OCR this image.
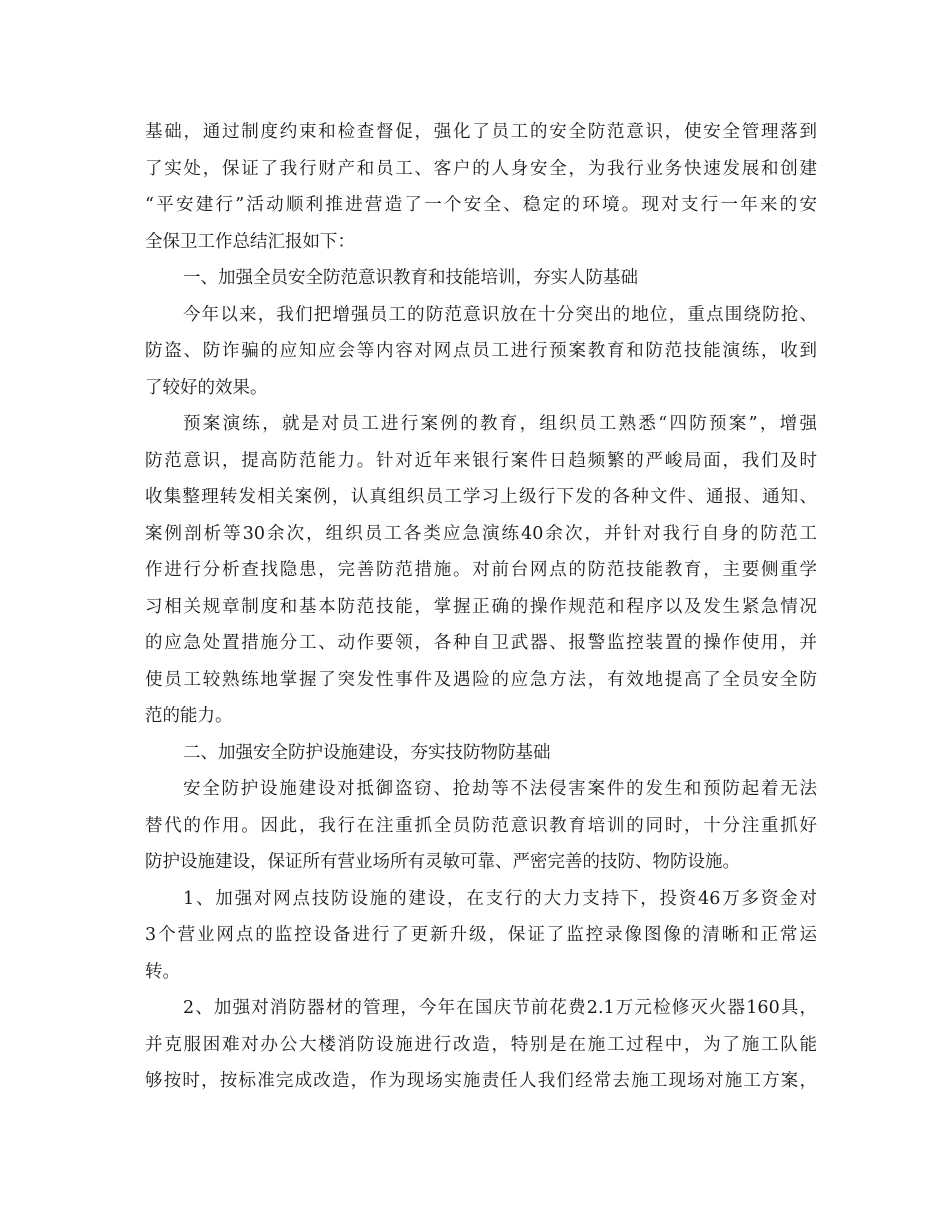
基础，通过制度约束和检查督促，强化了员工的安全防范意识，使安全管理落到
了实处，保证了我行财产和员工、客户的人身安全，为我行业务快速发展和创建
“平安建行”活动顺利推进营造了一个安全、稳定的环境。现对支行一年来的安
全保卫工作总结汇报如下：
一、加强全员安全防范意识教育和技能培训，夯实人防基础
今年以来，我们把增强员工的防范意识放在十分突出的地位，重点围绕防抢、
防盗、防诈骗的应知应会等内容对网点员工进行预案教育和防范技能演练，收到
了较好的效果。
预案演练，就是对员工进行案例的教育，组织员工熟悉“四防预案”，增强
防范意识，提高防范能力。针对近年来银行案件日趋频繁的严峻局面，我们及时
收集整理转发相关案例，认真组织员工学习上级行下发的各种文件、通报、通知、
案例剖析等30余次，组织员工各类应急演练40余次，并针对我行自身的防范工
作进行分析查找隐患，完善防范措施。对前台网点的防范技能教育，主要侧重学
习相关规章制度和基本防范技能，掌握正确的操作规范和程序以及发生紧急情况
的应急处置措施分工、动作要领，各种自卫武器、报警监控装置的操作使用，并
使员工较熟练地掌握了突发性事件及遇险的应急方法，有效地提高了全员安全防
范的能力。
二、加强安全防护设施建设，夯实技防物防基础
安全防护设施建设对抵御盗窃、抢劫等不法侵害案件的发生和预防起着无法
替代的作用。因此，我行在注重抓全员防范意识教育培训的同时，十分注重抓好
防护设施建设，保证所有营业场所有灵敏可靠、严密完善的技防、物防设施。
1、加强对网点技防设施的建设，在支行的大力支持下，投资46万多资金对
3个营业网点的监控设备进行了更新升级，保证了监控录像图像的清晰和正常运
转。
2、加强对消防器材的管理，今年在国庆节前花费2.1万元检修灭火器160具，
并克服困难对办公大楼消防设施进行改造，特别是在施工过程中，为了施工队能
够按时，按标准完成改造，作为现场实施责任人我们经常去施工现场对施工方案，
